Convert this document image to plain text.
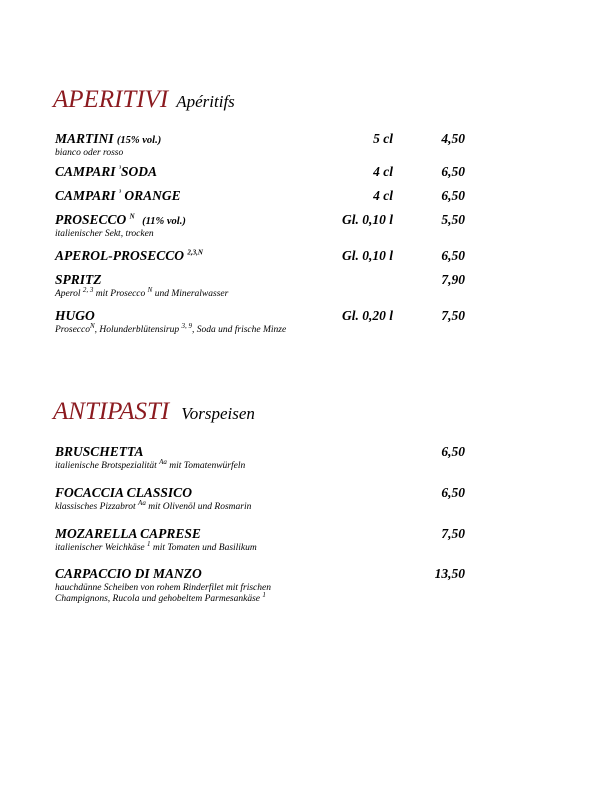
APERITIVI Apéritifs
MARTINI (15% vol.)
bianco oder rosso
5 cl	4,50
CAMPARI $^{^3}$SODA	4 cl	6,50
CAMPARI $^{^3}$ ORANGE	4 cl	6,50
PROSECCO $^N$ (11% vol.)
italienischer Sekt, trocken
Gl. 0,10 l	5,50
APEROL-PROSECCO $^{2,3,N}$	Gl. 0,10 l	6,50
SPRITZ
Aperol $^{2, 3}$ mit Prosecco $^N$ und Mineralwasser
7,90
HUGO
Prosecco$^N$, Holunderblütensirup $^{3, 9}$, Soda und frische Minze
Gl. 0,20 l	7,50
ANTIPASTI Vorspeisen
BRUSCHETTA
italienische Brotspezialität $^{Aa}$ mit Tomatenwürfeln
6,50
FOCACCIA CLASSICO
klassisches Pizzabrot $^{Aa}$ mit Olivenöl und Rosmarin
6,50
MOZARELLA CAPRESE
italienischer Weichkäse $^1$ mit Tomaten und Basilikum
7,50
CARPACCIO DI MANZO
hauchdünne Scheiben von rohem Rinderfilet mit frischen
Champignons, Rucola und gehobeltem Parmesankäse $^1$
13,50
